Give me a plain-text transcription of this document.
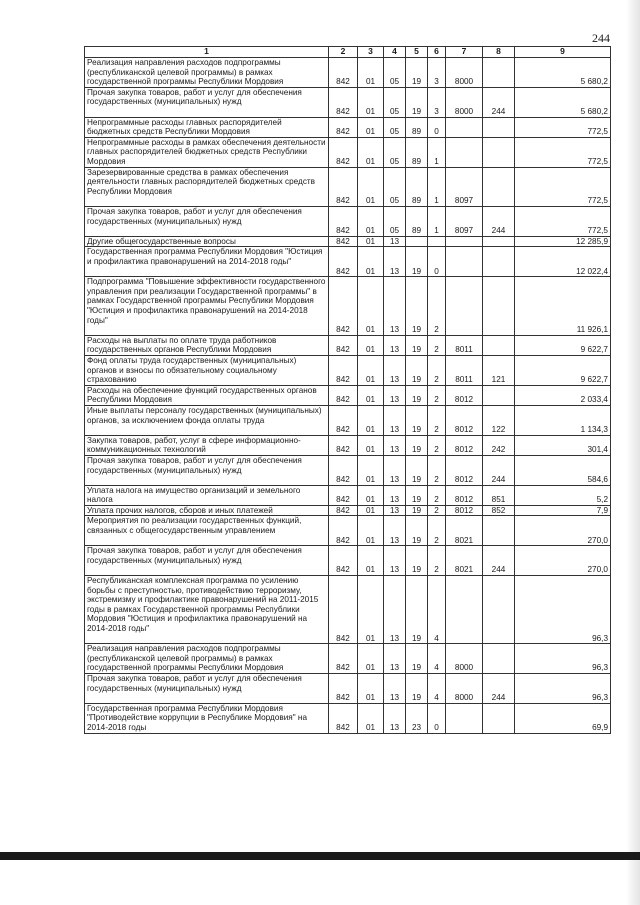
244
1	2	3	4	5	6	7	8	9
Реализация направления расходов подпрограммы (республиканской целевой программы) в рамках государственной программы Республики Мордовия	842	01	05	19	3	8000		5 680,2
Прочая закупка товаров, работ и услуг для обеспечения государственных (муниципальных) нужд	842	01	05	19	3	8000	244	5 680,2
Непрограммные расходы главных распорядителей бюджетных средств Республики Мордовия	842	01	05	89	0			772,5
Непрограммные расходы в рамках обеспечения деятельности главных распорядителей бюджетных средств Республики Мордовия	842	01	05	89	1			772,5
Зарезервированные средства в рамках обеспечения деятельности главных распорядителей бюджетных средств Республики Мордовия	842	01	05	89	1	8097		772,5
Прочая закупка товаров, работ и услуг для обеспечения государственных (муниципальных) нужд	842	01	05	89	1	8097	244	772,5
Другие общегосударственные вопросы	842	01	13					12 285,9
Государственная программа Республики Мордовия "Юстиция и профилактика правонарушений на 2014-2018 годы"	842	01	13	19	0			12 022,4
Подпрограмма "Повышение эффективности государственного управления при реализации Государственной программы" в рамках Государственной программы Республики Мордовия "Юстиция и профилактика правонарушений на 2014-2018 годы"	842	01	13	19	2			11 926,1
Расходы на выплаты по оплате труда работников государственных органов Республики Мордовия	842	01	13	19	2	8011		9 622,7
Фонд оплаты труда государственных (муниципальных) органов и взносы по обязательному социальному страхованию	842	01	13	19	2	8011	121	9 622,7
Расходы на обеспечение функций государственных органов Республики Мордовия	842	01	13	19	2	8012		2 033,4
Иные выплаты персоналу государственных (муниципальных) органов, за исключением фонда оплаты труда	842	01	13	19	2	8012	122	1 134,3
Закупка товаров, работ, услуг в сфере информационно-коммуникационных технологий	842	01	13	19	2	8012	242	301,4
Прочая закупка товаров, работ и услуг для обеспечения государственных (муниципальных) нужд	842	01	13	19	2	8012	244	584,6
Уплата налога на имущество организаций и земельного налога	842	01	13	19	2	8012	851	5,2
Уплата прочих налогов, сборов и иных платежей	842	01	13	19	2	8012	852	7,9
Мероприятия по реализации государственных функций, связанных с общегосударственным управлением	842	01	13	19	2	8021		270,0
Прочая закупка товаров, работ и услуг для обеспечения государственных (муниципальных) нужд	842	01	13	19	2	8021	244	270,0
Республиканская комплексная программа по усилению борьбы с преступностью, противодействию терроризму, экстремизму и профилактике правонарушений на 2011-2015 годы в рамках Государственной программы Республики Мордовия "Юстиция и профилактика правонарушений на 2014-2018 годы"	842	01	13	19	4			96,3
Реализация направления расходов подпрограммы (республиканской целевой программы) в рамках государственной программы Республики Мордовия	842	01	13	19	4	8000		96,3
Прочая закупка товаров, работ и услуг для обеспечения государственных (муниципальных) нужд	842	01	13	19	4	8000	244	96,3
Государственная программа Республики Мордовия "Противодействие коррупции в Республике Мордовия" на 2014-2018 годы	842	01	13	23	0			69,9
